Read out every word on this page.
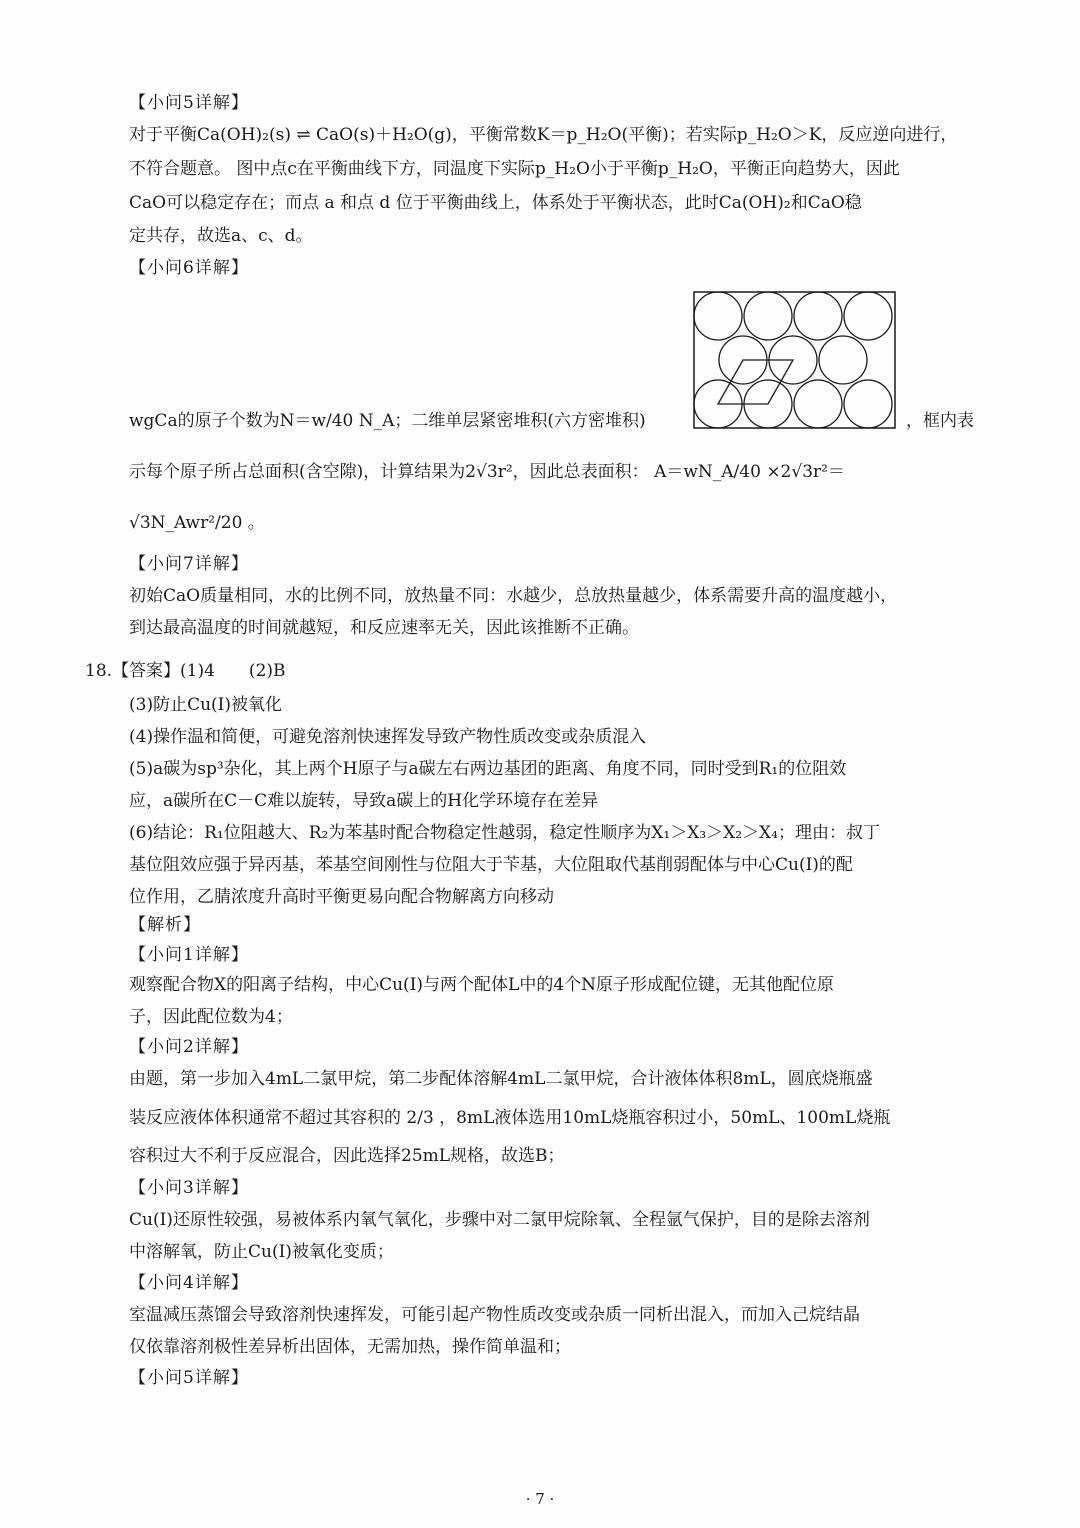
【小问5详解】
对于平衡Ca(OH)₂(s) ⇌ CaO(s)＋H₂O(g)，平衡常数K＝p_H₂O(平衡)；若实际p_H₂O＞K，反应逆向进行，
不符合题意。 图中点c在平衡曲线下方，同温度下实际p_H₂O小于平衡p_H₂O，平衡正向趋势大，因此
CaO可以稳定存在；而点 a 和点 d 位于平衡曲线上，体系处于平衡状态，此时Ca(OH)₂和CaO稳
定共存，故选a、c、d。
【小问6详解】
wgCa的原子个数为N＝w/40 N_A；二维单层紧密堆积(六方密堆积)	，框内表
示每个原子所占总面积(含空隙)，计算结果为2√3r²，因此总表面积： A＝wN_A/40 ×2√3r²＝
√3N_Awr²/20 。
【小问7详解】
初始CaO质量相同，水的比例不同，放热量不同：水越少，总放热量越少，体系需要升高的温度越小，
到达最高温度的时间就越短，和反应速率无关，因此该推断不正确。
18.【答案】(1)4　　(2)B
(3)防止Cu(Ⅰ)被氧化
(4)操作温和简便，可避免溶剂快速挥发导致产物性质改变或杂质混入
(5)a碳为sp³杂化，其上两个H原子与a碳左右两边基团的距离、角度不同，同时受到R₁的位阻效
应，a碳所在C－C难以旋转，导致a碳上的H化学环境存在差异
(6)结论：R₁位阻越大、R₂为苯基时配合物稳定性越弱，稳定性顺序为X₁＞X₃＞X₂＞X₄；理由：叔丁
基位阻效应强于异丙基，苯基空间刚性与位阻大于苄基，大位阻取代基削弱配体与中心Cu(Ⅰ)的配
位作用，乙腈浓度升高时平衡更易向配合物解离方向移动
【解析】
【小问1详解】
观察配合物X的阳离子结构，中心Cu(I)与两个配体L中的4个N原子形成配位键，无其他配位原
子，因此配位数为4；
【小问2详解】
由题，第一步加入4mL二氯甲烷，第二步配体溶解4mL二氯甲烷，合计液体体积8mL，圆底烧瓶盛
装反应液体体积通常不超过其容积的 2/3 ，8mL液体选用10mL烧瓶容积过小，50mL、100mL烧瓶
容积过大不利于反应混合，因此选择25mL规格，故选B；
【小问3详解】
Cu(I)还原性较强，易被体系内氧气氧化，步骤中对二氯甲烷除氧、全程氩气保护，目的是除去溶剂
中溶解氧，防止Cu(I)被氧化变质；
【小问4详解】
室温减压蒸馏会导致溶剂快速挥发，可能引起产物性质改变或杂质一同析出混入，而加入己烷结晶
仅依靠溶剂极性差异析出固体，无需加热，操作简单温和；
【小问5详解】
· 7 ·
